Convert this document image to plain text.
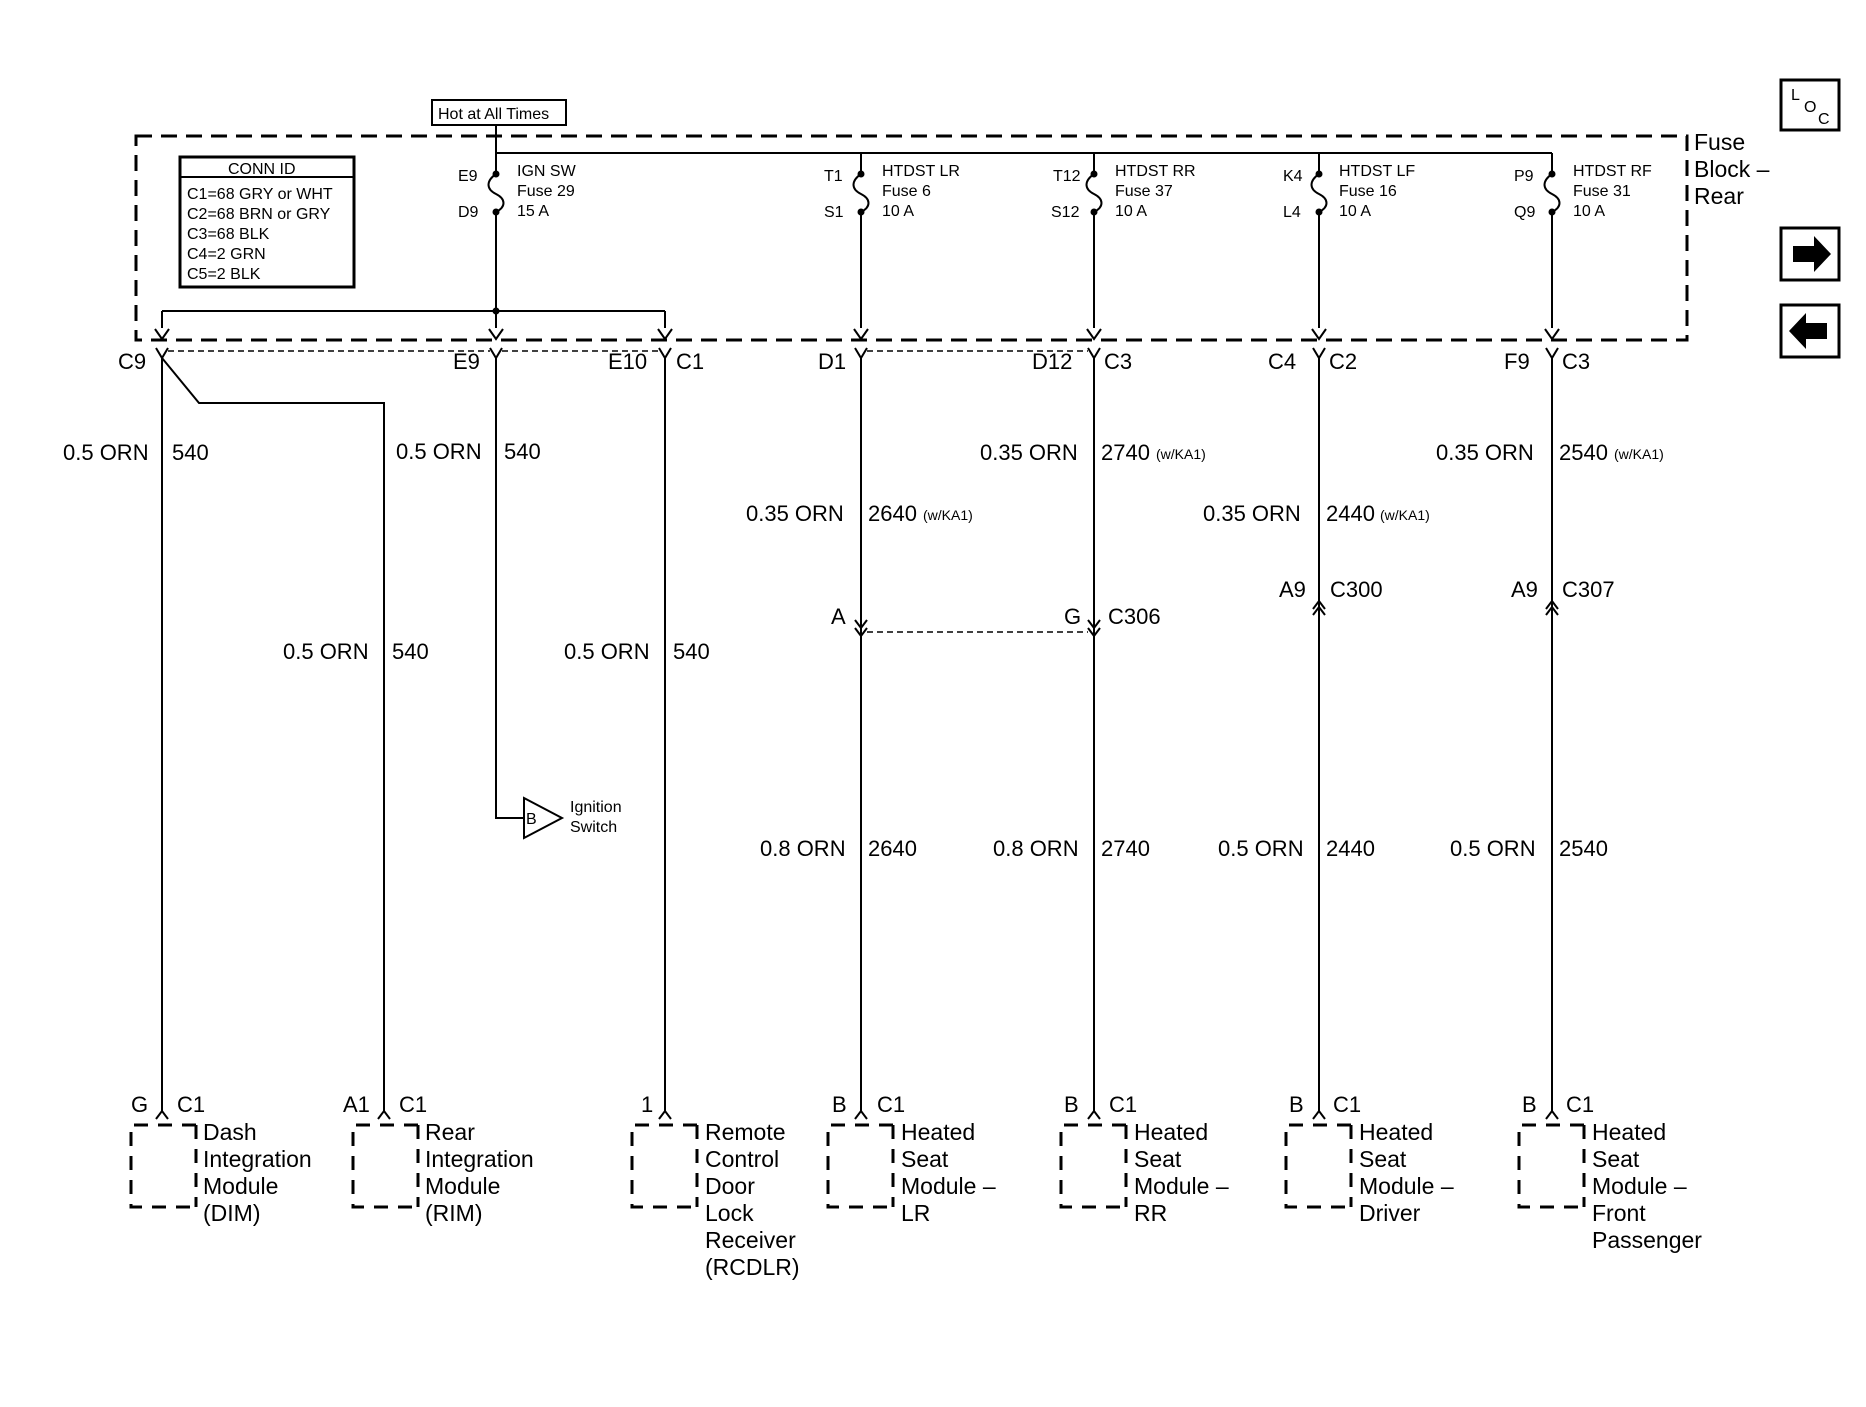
L
O
C
Fuse
Block –
Rear
Hot at All Times
CONN ID
C1=68 GRY or WHT
C2=68 BRN or GRY
C3=68 BLK
C4=2 GRN
C5=2 BLK
E9
D9
IGN SW
Fuse 29
15 A
T1
S1
HTDST LR
Fuse 6
10 A
T12
S12
HTDST RR
Fuse 37
10 A
K4
L4
HTDST LF
Fuse 16
10 A
P9
Q9
HTDST RF
Fuse 31
10 A
C9	E9	E10 C1	D1	D12 C3	C4 C2	F9 C3
B
Ignition
Switch
0.5 ORN 540	0.5 ORN 540
0.5 ORN 540	0.5 ORN 540
0.35 ORN 2640 (w/KA1)
0.35 ORN 2740 (w/KA1)
0.35 ORN 2440 (w/KA1)
0.35 ORN 2540 (w/KA1)
0.8 ORN 2640	0.8 ORN 2740	0.5 ORN 2440	0.5 ORN 2540
A	G C306
A9 C300	A9 C307
G C1
Dash
Integration
Module
(DIM)
A1 C1
Rear
Integration
Module
(RIM)
1
Remote
Control
Door
Lock
Receiver
(RCDLR)
B C1
Heated
Seat
Module –
LR
B C1
Heated
Seat
Module –
RR
B C1
Heated
Seat
Module –
Driver
B C1
Heated
Seat
Module –
Front
Passenger
